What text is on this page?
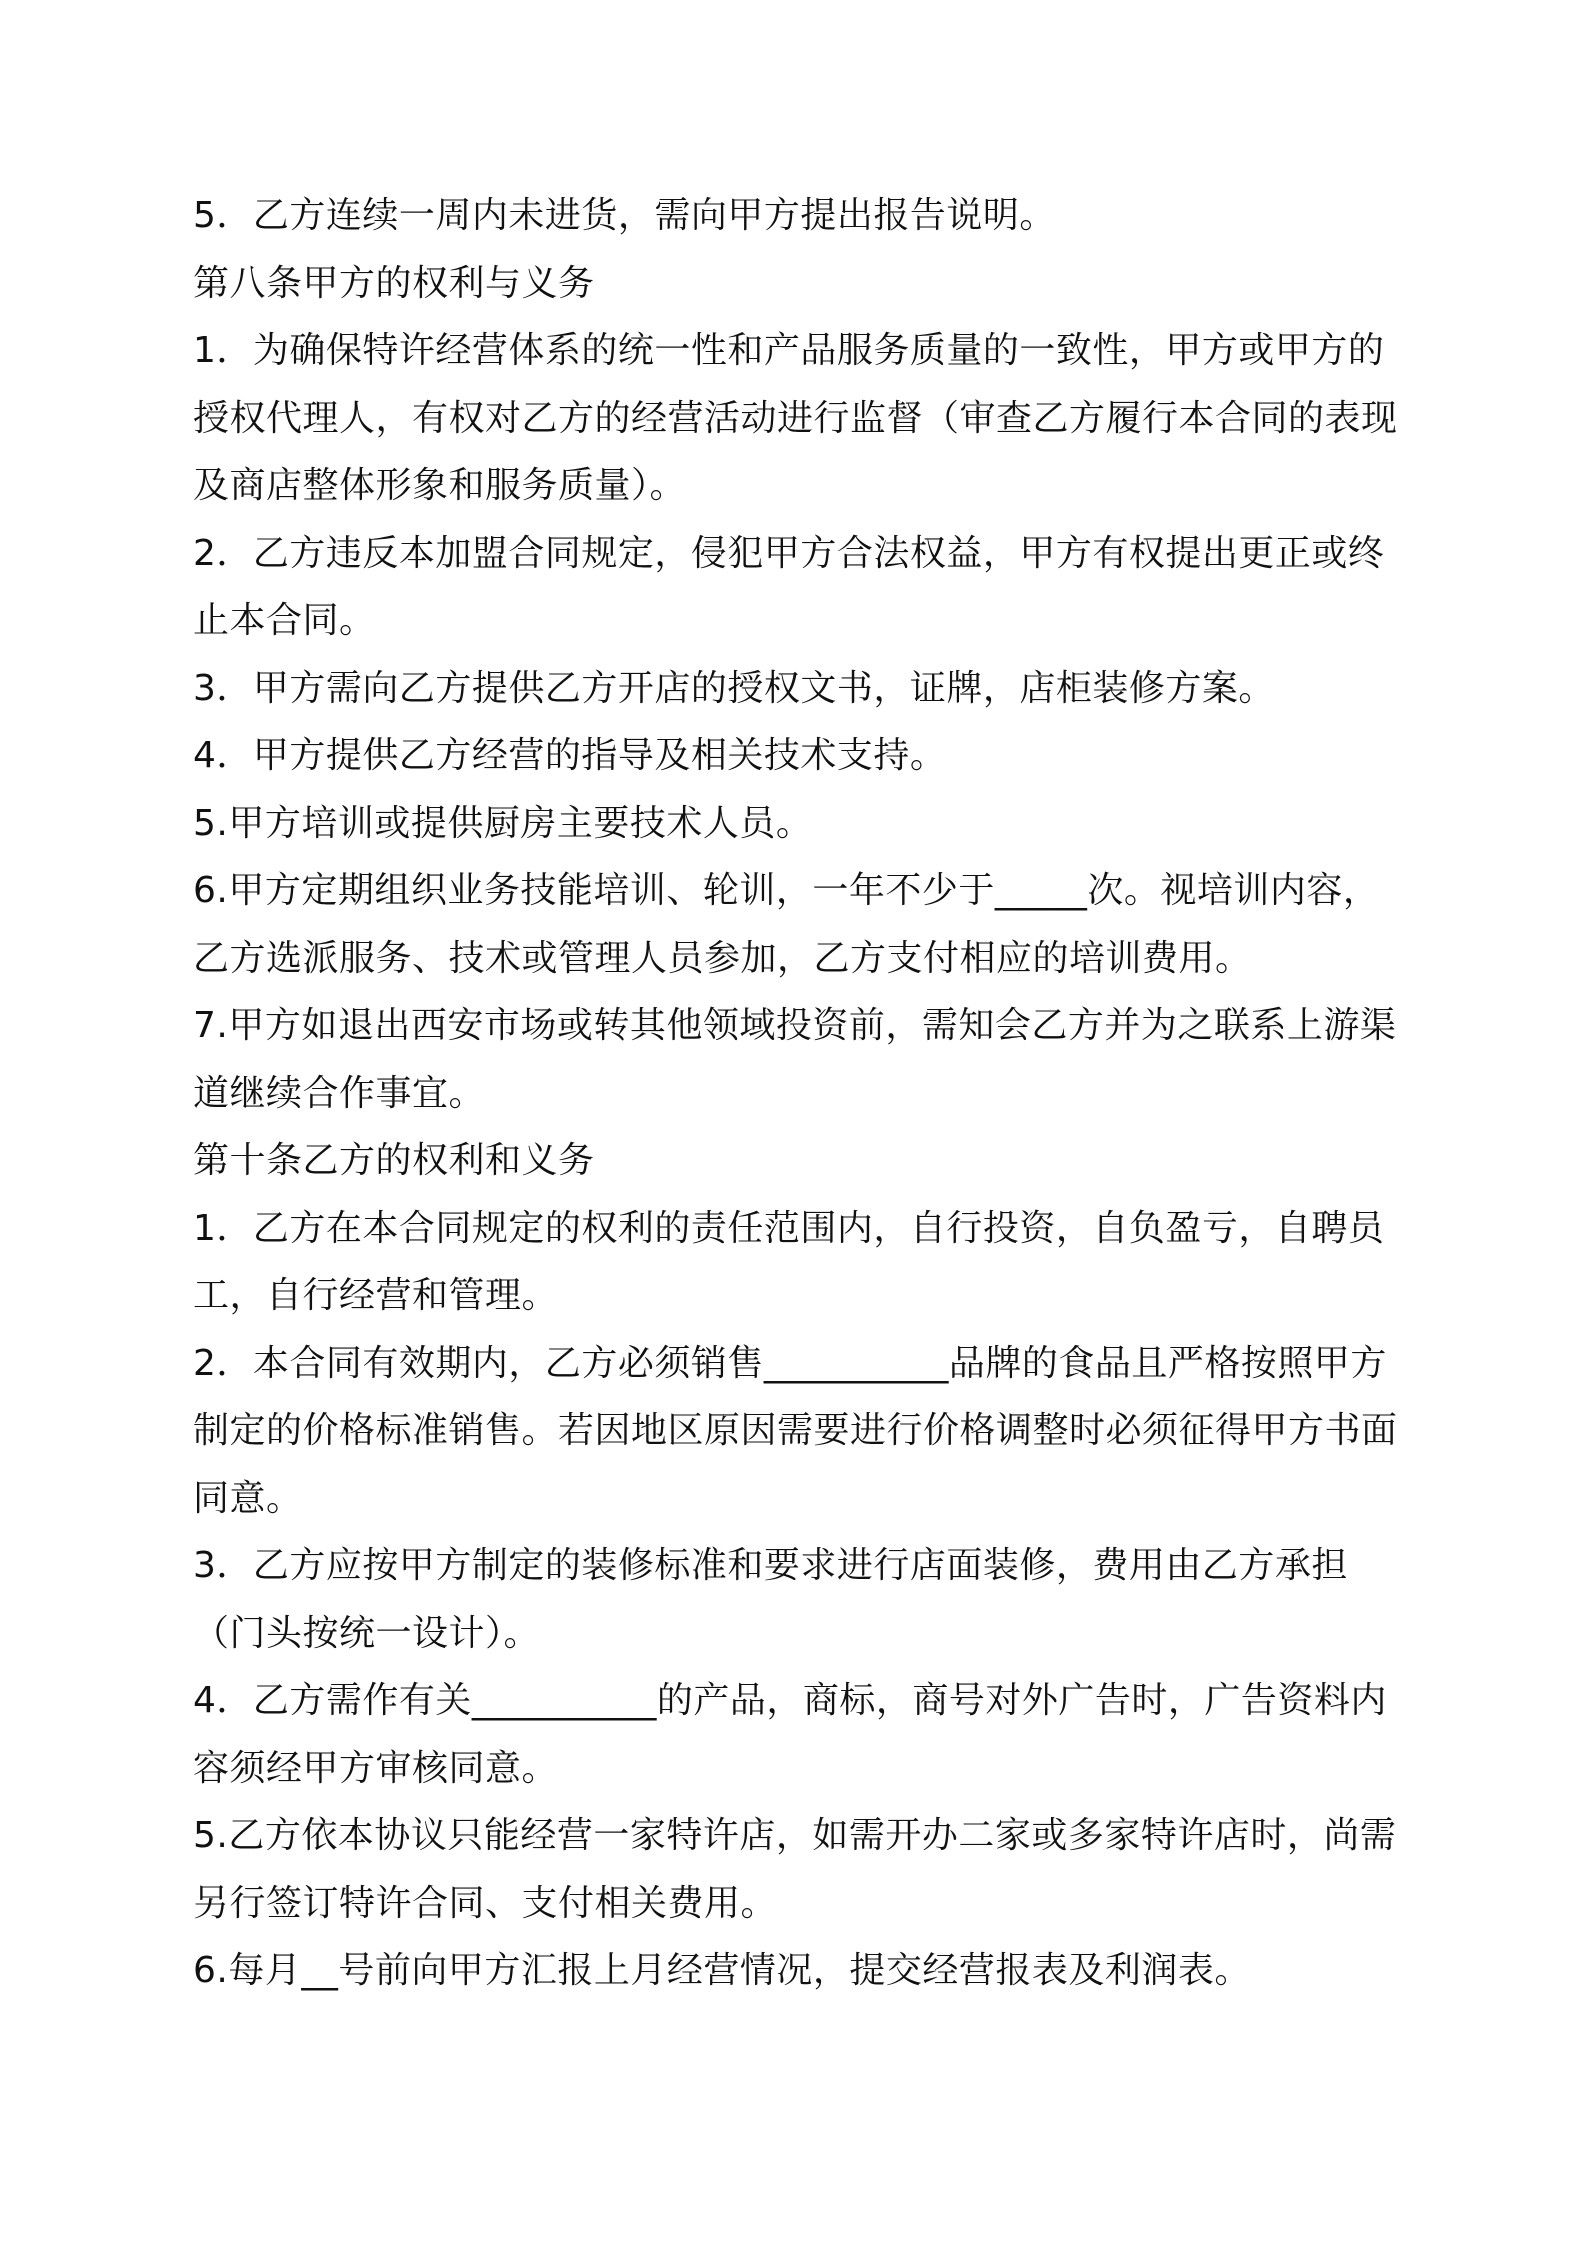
5．乙方连续一周内未进货，需向甲方提出报告说明。

第八条甲方的权利与义务

1．为确保特许经营体系的统一性和产品服务质量的一致性，甲方或甲方的授权代理人，有权对乙方的经营活动进行监督（审查乙方履行本合同的表现及商店整体形象和服务质量）。

2．乙方违反本加盟合同规定，侵犯甲方合法权益，甲方有权提出更正或终止本合同。

3．甲方需向乙方提供乙方开店的授权文书，证牌，店柜装修方案。

4．甲方提供乙方经营的指导及相关技术支持。

5.甲方培训或提供厨房主要技术人员。

6.甲方定期组织业务技能培训、轮训，一年不少于_____次。视培训内容，乙方选派服务、技术或管理人员参加，乙方支付相应的培训费用。

7.甲方如退出西安市场或转其他领域投资前，需知会乙方并为之联系上游渠道继续合作事宜。

第十条乙方的权利和义务

1．乙方在本合同规定的权利的责任范围内，自行投资，自负盈亏，自聘员工，自行经营和管理。

2．本合同有效期内，乙方必须销售__________品牌的食品且严格按照甲方制定的价格标准销售。若因地区原因需要进行价格调整时必须征得甲方书面同意。

3．乙方应按甲方制定的装修标准和要求进行店面装修，费用由乙方承担（门头按统一设计）。

4．乙方需作有关__________的产品，商标，商号对外广告时，广告资料内容须经甲方审核同意。

5.乙方依本协议只能经营一家特许店，如需开办二家或多家特许店时，尚需另行签订特许合同、支付相关费用。

6.每月__号前向甲方汇报上月经营情况，提交经营报表及利润表。
